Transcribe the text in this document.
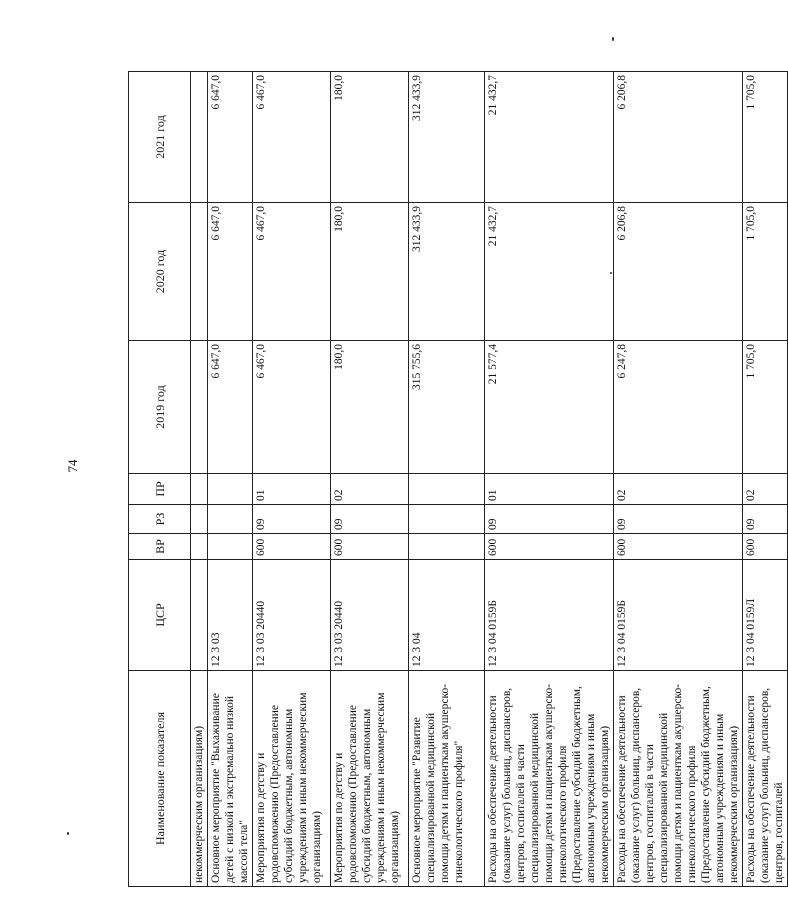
74
Наименование показателя	ЦСР	ВР	РЗ	ПР	2019 год	2020 год	2021 год
некоммерческим организациям)							
Основное мероприятие "Выхаживание детей с низкой и экстремально низкой массой тела"	12 3 03				6 647,0	6 647,0	6 647,0
Мероприятия по детству и родовспоможению (Предоставление субсидий бюджетным, автономным учреждениям и иным некоммерческим организациям)	12 3 03 20440	600	09	01	6 467,0	6 467,0	6 467,0
Мероприятия по детству и родовспоможению (Предоставление субсидий бюджетным, автономным учреждениям и иным некоммерческим организациям)	12 3 03 20440	600	09	02	180,0	180,0	180,0
Основное мероприятие "Развитие специализированной медицинской помощи детям и пациенткам акушерско-гинекологического профиля"	12 3 04				315 755,6	312 433,9	312 433,9
Расходы на обеспечение деятельности (оказание услуг) больниц, диспансеров, центров, госпиталей в части специализированной медицинской помощи детям и пациенткам акушерско-гинекологического профиля (Предоставление субсидий бюджетным, автономным учреждениям и иным некоммерческим организациям)	12 3 04 0159Б	600	09	01	21 577,4	21 432,7	21 432,7
Расходы на обеспечение деятельности (оказание услуг) больниц, диспансеров, центров, госпиталей в части специализированной медицинской помощи детям и пациенткам акушерско-гинекологического профиля (Предоставление субсидий бюджетным, автономным учреждениям и иным некоммерческим организациям)	12 3 04 0159Б	600	09	02	6 247,8	6 206,8	6 206,8
Расходы на обеспечение деятельности (оказание услуг) больниц, диспансеров, центров, госпиталей	12 3 04 0159Л	600	09	02	1 705,0	1 705,0	1 705,0
